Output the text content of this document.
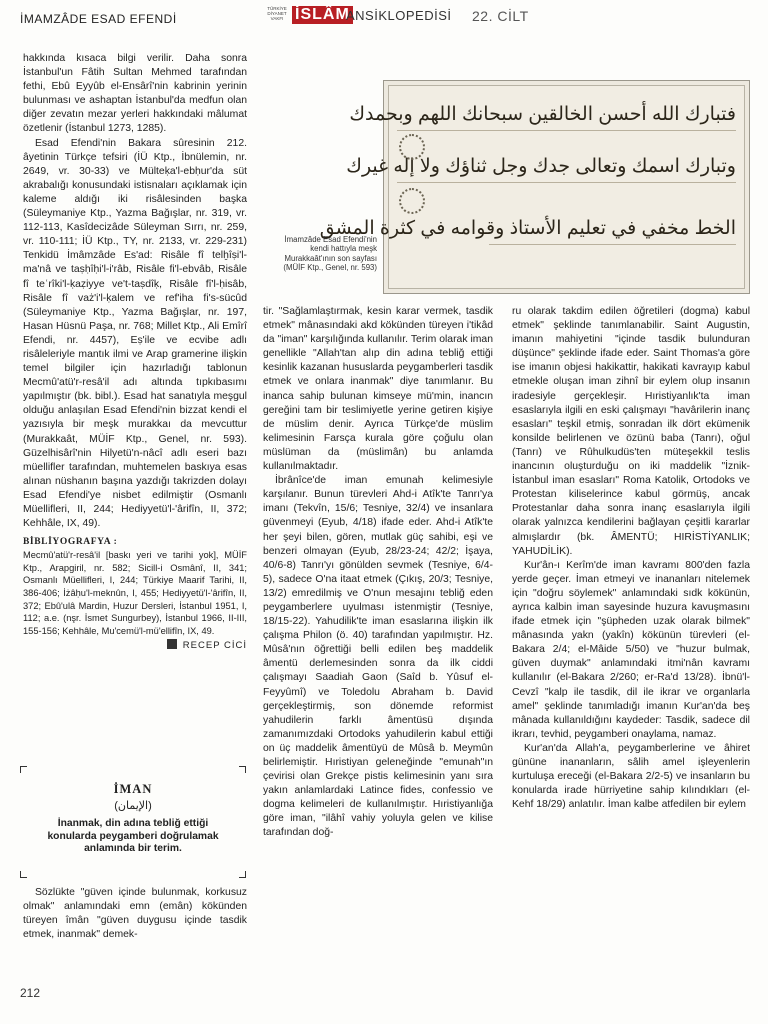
İMAMZÂDE ESAD EFENDİ
TÜRKİYE DİYANET VAKFI İSLÂM
ANSİKLOPEDİSİ 22. CİLT

hakkında kısaca bilgi verilir. Daha sonra İstanbul'un Fâtih Sultan Mehmed tarafından fethi, Ebû Eyyûb el-Ensârî'nin kabrinin yerinin bulunması ve ashaptan İstanbul'da medfun olan diğer zevatın mezar yerleri hakkındaki mâlumat özetlenir (İstanbul 1273, 1285).

Esad Efendi'nin Bakara sûresinin 212. âyetinin Türkçe tefsiri (İÜ Ktp., İbnülemin, nr. 2649, vr. 30-33) ve Mülteḳa'l-ebḥur'da süt akrabalığı konusundaki istisnaları açıklamak için kaleme aldığı iki risâlesinden başka (Süleymaniye Ktp., Yazma Bağışlar, nr. 319, vr. 112-113, Kasîdecizâde Süleyman Sırrı, nr. 259, vr. 110-111; İÜ Ktp., TY, nr. 2133, vr. 229-231) Tenkidü İmâmzâde Es'ad: Risâle fî telḫîṣi'l-ma'nâ ve taṣḥîḥi'l-i'râb, Risâle fi'l-ebvâb, Risâle fî teʿrîki'l-ḳaẓiyye ve't-taṣdîḳ, Risâle fî'l-ḥisâb, Risâle fî vaż'i'l-ḳalem ve ref'iha fi's-sücûd (Süleymaniye Ktp., Yazma Bağışlar, nr. 197, Hasan Hüsnü Paşa, nr. 768; Millet Ktp., Ali Emîrî Efendi, nr. 4457), Eṣ'ile ve ecvibe adlı risâleleriyle mantık ilmi ve Arap gramerine ilişkin temel bilgiler için hazırladığı tablonun Mecmû'atü'r-resâ'il adı altında tıpkıbasımı yapılmıştır (bk. bibl.). Esad hat sanatıyla meşgul olduğu anlaşılan Esad Efendi'nin bizzat kendi el yazısıyla bir meşk murakkaı da mevcuttur (Murakkaât, MÜİF Ktp., Genel, nr. 593). Güzelhisârî'nin Hilyetü'n-nâcî adlı eseri bazı müellifler tarafından, muhtemelen baskıya esas alınan nüshanın başına yazdığı takrizden dolayı Esad Efendi'ye nisbet edilmiştir (Osmanlı Müellifleri, II, 244; Hediyyetü'l-'ârifîn, II, 372; Kehhâle, IX, 49).

BİBLİYOGRAFYA :

Mecmû'atü'r-resâ'il [baskı yeri ve tarihi yok], MÜİF Ktp., Arapgiril, nr. 582; Sicill-i Osmânî, II, 341; Osmanlı Müellifleri, I, 244; Türkiye Maarif Tarihi, II, 386-406; İżâḥu'l-meknûn, I, 455; Hediyyetü'l-'ârifîn, II, 372; Ebû'ulâ Mardin, Huzur Dersleri, İstanbul 1951, I, 112; a.e. (nşr. İsmet Sungurbey), İstanbul 1966, II-III, 155-156; Kehhâle, Mu'cemü'l-mü'ellifîn, IX, 49.

RECEP CİCİ
İMAN
(الإيمان)
İnanmak, din adına tebliğ ettiği konularda peygamberi doğrulamak anlamında bir terim.

Sözlükte "güven içinde bulunmak, korkusuz olmak" anlamındaki emn (emân) kökünden türeyen îmân "güven duygusu içinde tasdik etmek, inanmak" demek-

فتبارك الله أحسن الخالقين سبحانك اللهم وبحمدك
وتبارك اسمك وتعالى جدك وجل ثناؤك ولا إله غيرك
الخط مخفي في تعليم الأستاذ وقوامه في كثرة المشق
İmamzâde Esad Efendi'nin kendi hattıyla meşk Murakkaât'ının son sayfası (MÜİF Ktp., Genel, nr. 593)

tir. "Sağlamlaştırmak, kesin karar vermek, tasdik etmek" mânasındaki akd kökünden türeyen i'tikâd da "iman" karşılığında kullanılır. Terim olarak iman genellikle "Allah'tan alıp din adına tebliğ ettiği kesinlik kazanan hususlarda peygamberleri tasdik etmek ve onlara inanmak" diye tanımlanır. Bu inanca sahip bulunan kimseye mü'min, inancın gereğini tam bir teslimiyetle yerine getiren kişiye de müslim denir. Ayrıca Türkçe'de müslim kelimesinin Farsça kurala göre çoğulu olan müslüman da (müslimân) bu anlamda kullanılmaktadır.

İbrânîce'de iman emunah kelimesiyle karşılanır. Bunun türevleri Ahd-i Atîk'te Tanrı'ya imanı (Tekvîn, 15/6; Tesniye, 32/4) ve insanlara güvenmeyi (Eyub, 4/18) ifade eder. Ahd-i Atîk'te her şeyi bilen, gören, mutlak güç sahibi, eşi ve benzeri olmayan (Eyub, 28/23-24; 42/2; İşaya, 40/6-8) Tanrı'yı gönülden sevmek (Tesniye, 6/4-5), sadece O'na itaat etmek (Çıkış, 20/3; Tesniye, 13/2) emredilmiş ve O'nun mesajını tebliğ eden peygamberlere uyulması istenmiştir (Tesniye, 18/15-22). Yahudilik'te iman esaslarına ilişkin ilk çalışma Philon (ö. 40) tarafından yapılmıştır. Hz. Mûsâ'nın öğrettiği belli edilen beş maddelik âmentü derlemesinden sonra da ilk ciddi çalışmayı Saadiah Gaon (Saîd b. Yûsuf el-Feyyûmî) ve Toledolu Abraham b. David gerçekleştirmiş, son dönemde reformist yahudilerin farklı âmentüsü dışında zamanımızdaki Ortodoks yahudilerin kabul ettiği on üç maddelik âmentüyü de Mûsâ b. Meymûn belirlemiştir. Hıristiyan geleneğinde "emunah"ın çevirisi olan Grekçe pistis kelimesinin yanı sıra yakın anlamlardaki Latince fides, confessio ve dogma kelimeleri de kullanılmıştır. Hıristiyanlığa göre iman, "ilâhî vahiy yoluyla gelen ve kilise tarafından doğ-

ru olarak takdim edilen öğretileri (dogma) kabul etmek" şeklinde tanımlanabilir. Saint Augustin, imanın mahiyetini "içinde tasdik bulunduran düşünce" şeklinde ifade eder. Saint Thomas'a göre ise imanın objesi hakikattir, hakikati kavrayıp kabul etmekle oluşan iman zihnî bir eylem olup insanın iradesiyle gerçekleşir. Hıristiyanlık'ta iman esaslarıyla ilgili en eski çalışmayı "havârilerin inanç esasları" teşkil etmiş, sonradan ilk dört ekümenik konsilde belirlenen ve özünü baba (Tanrı), oğul (Tanrı) ve Rûhulkudüs'ten müteşekkil teslis inancının oluşturduğu on iki maddelik "İznik-İstanbul iman esasları" Roma Katolik, Ortodoks ve Protestan kiliselerince kabul görmüş, ancak Protestanlar daha sonra inanç esaslarıyla ilgili olarak yalnızca kendilerini bağlayan çeşitli kararlar almışlardır (bk. ÂMENTÜ; HIRİSTİYANLIK; YAHUDİLİK).

Kur'ân-ı Kerîm'de iman kavramı 800'den fazla yerde geçer. İman etmeyi ve inananları nitelemek için "doğru söylemek" anlamındaki sıdk kökünün, ayrıca kalbin iman sayesinde huzura kavuşmasını ifade etmek için "şüpheden uzak olarak bilmek" mânasında yakn (yakîn) kökünün türevleri (el-Bakara 2/4; el-Mâide 5/50) ve "huzur bulmak, güven duymak" anlamındaki itmi'nân kavramı kullanılır (el-Bakara 2/260; er-Ra'd 13/28). İbnü'l-Cevzî "kalp ile tasdik, dil ile ikrar ve organlarla amel" şeklinde tanımladığı imanın Kur'an'da beş mânada kullanıldığını kaydeder: Tasdik, sadece dil ikrarı, tevhid, peygamberi onaylama, namaz.

Kur'an'da Allah'a, peygamberlerine ve âhiret gününe inananların, sâlih amel işleyenlerin kurtuluşa ereceği (el-Bakara 2/2-5) ve insanların bu konularda irade hürriyetine sahip kılındıkları (el-Kehf 18/29) anlatılır. İman kalbe atfedilen bir eylem

212
